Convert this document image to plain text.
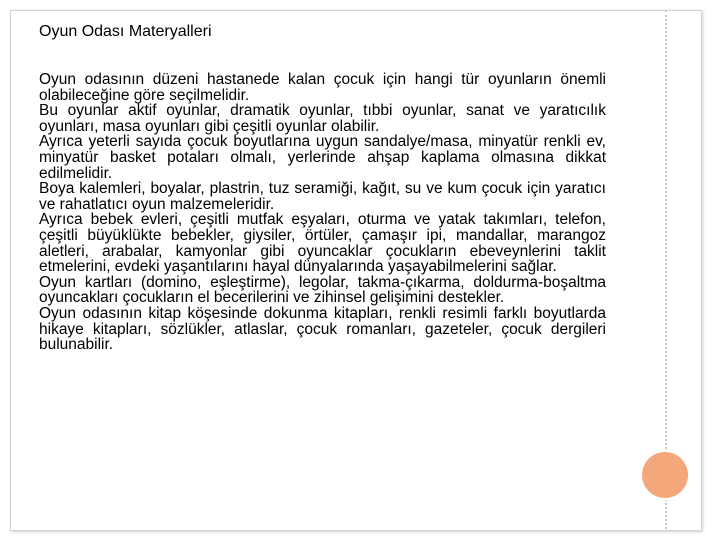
Oyun Odası Materyalleri

Oyun odasının düzeni hastanede kalan çocuk için hangi tür oyunların önemli olabileceğine göre seçilmelidir.

Bu oyunlar aktif oyunlar, dramatik oyunlar, tıbbi oyunlar, sanat ve yaratıcılık oyunları, masa oyunları gibi çeşitli oyunlar olabilir.

Ayrıca yeterli sayıda çocuk boyutlarına uygun sandalye/masa, minyatür renkli ev, minyatür basket potaları olmalı, yerlerinde ahşap kaplama olmasına dikkat edilmelidir.

Boya kalemleri, boyalar, plastrin, tuz seramiği, kağıt, su ve kum çocuk için yaratıcı ve rahatlatıcı oyun malzemeleridir.

Ayrıca bebek evleri, çeşitli mutfak eşyaları, oturma ve yatak takımları, telefon, çeşitli büyüklükte bebekler, giysiler, örtüler, çamaşır ipi, mandallar, marangoz aletleri, arabalar, kamyonlar gibi oyuncaklar çocukların ebeveynlerini taklit etmelerini, evdeki yaşantılarını hayal dünyalarında yaşayabilmelerini sağlar.

Oyun kartları (domino, eşleştirme), legolar, takma-çıkarma, doldurma-boşaltma oyuncakları çocukların el becerilerini ve zihinsel gelişimini destekler.

Oyun odasının kitap köşesinde dokunma kitapları, renkli resimli farklı boyutlarda hikaye kitapları, sözlükler, atlaslar, çocuk romanları, gazeteler, çocuk dergileri bulunabilir.
